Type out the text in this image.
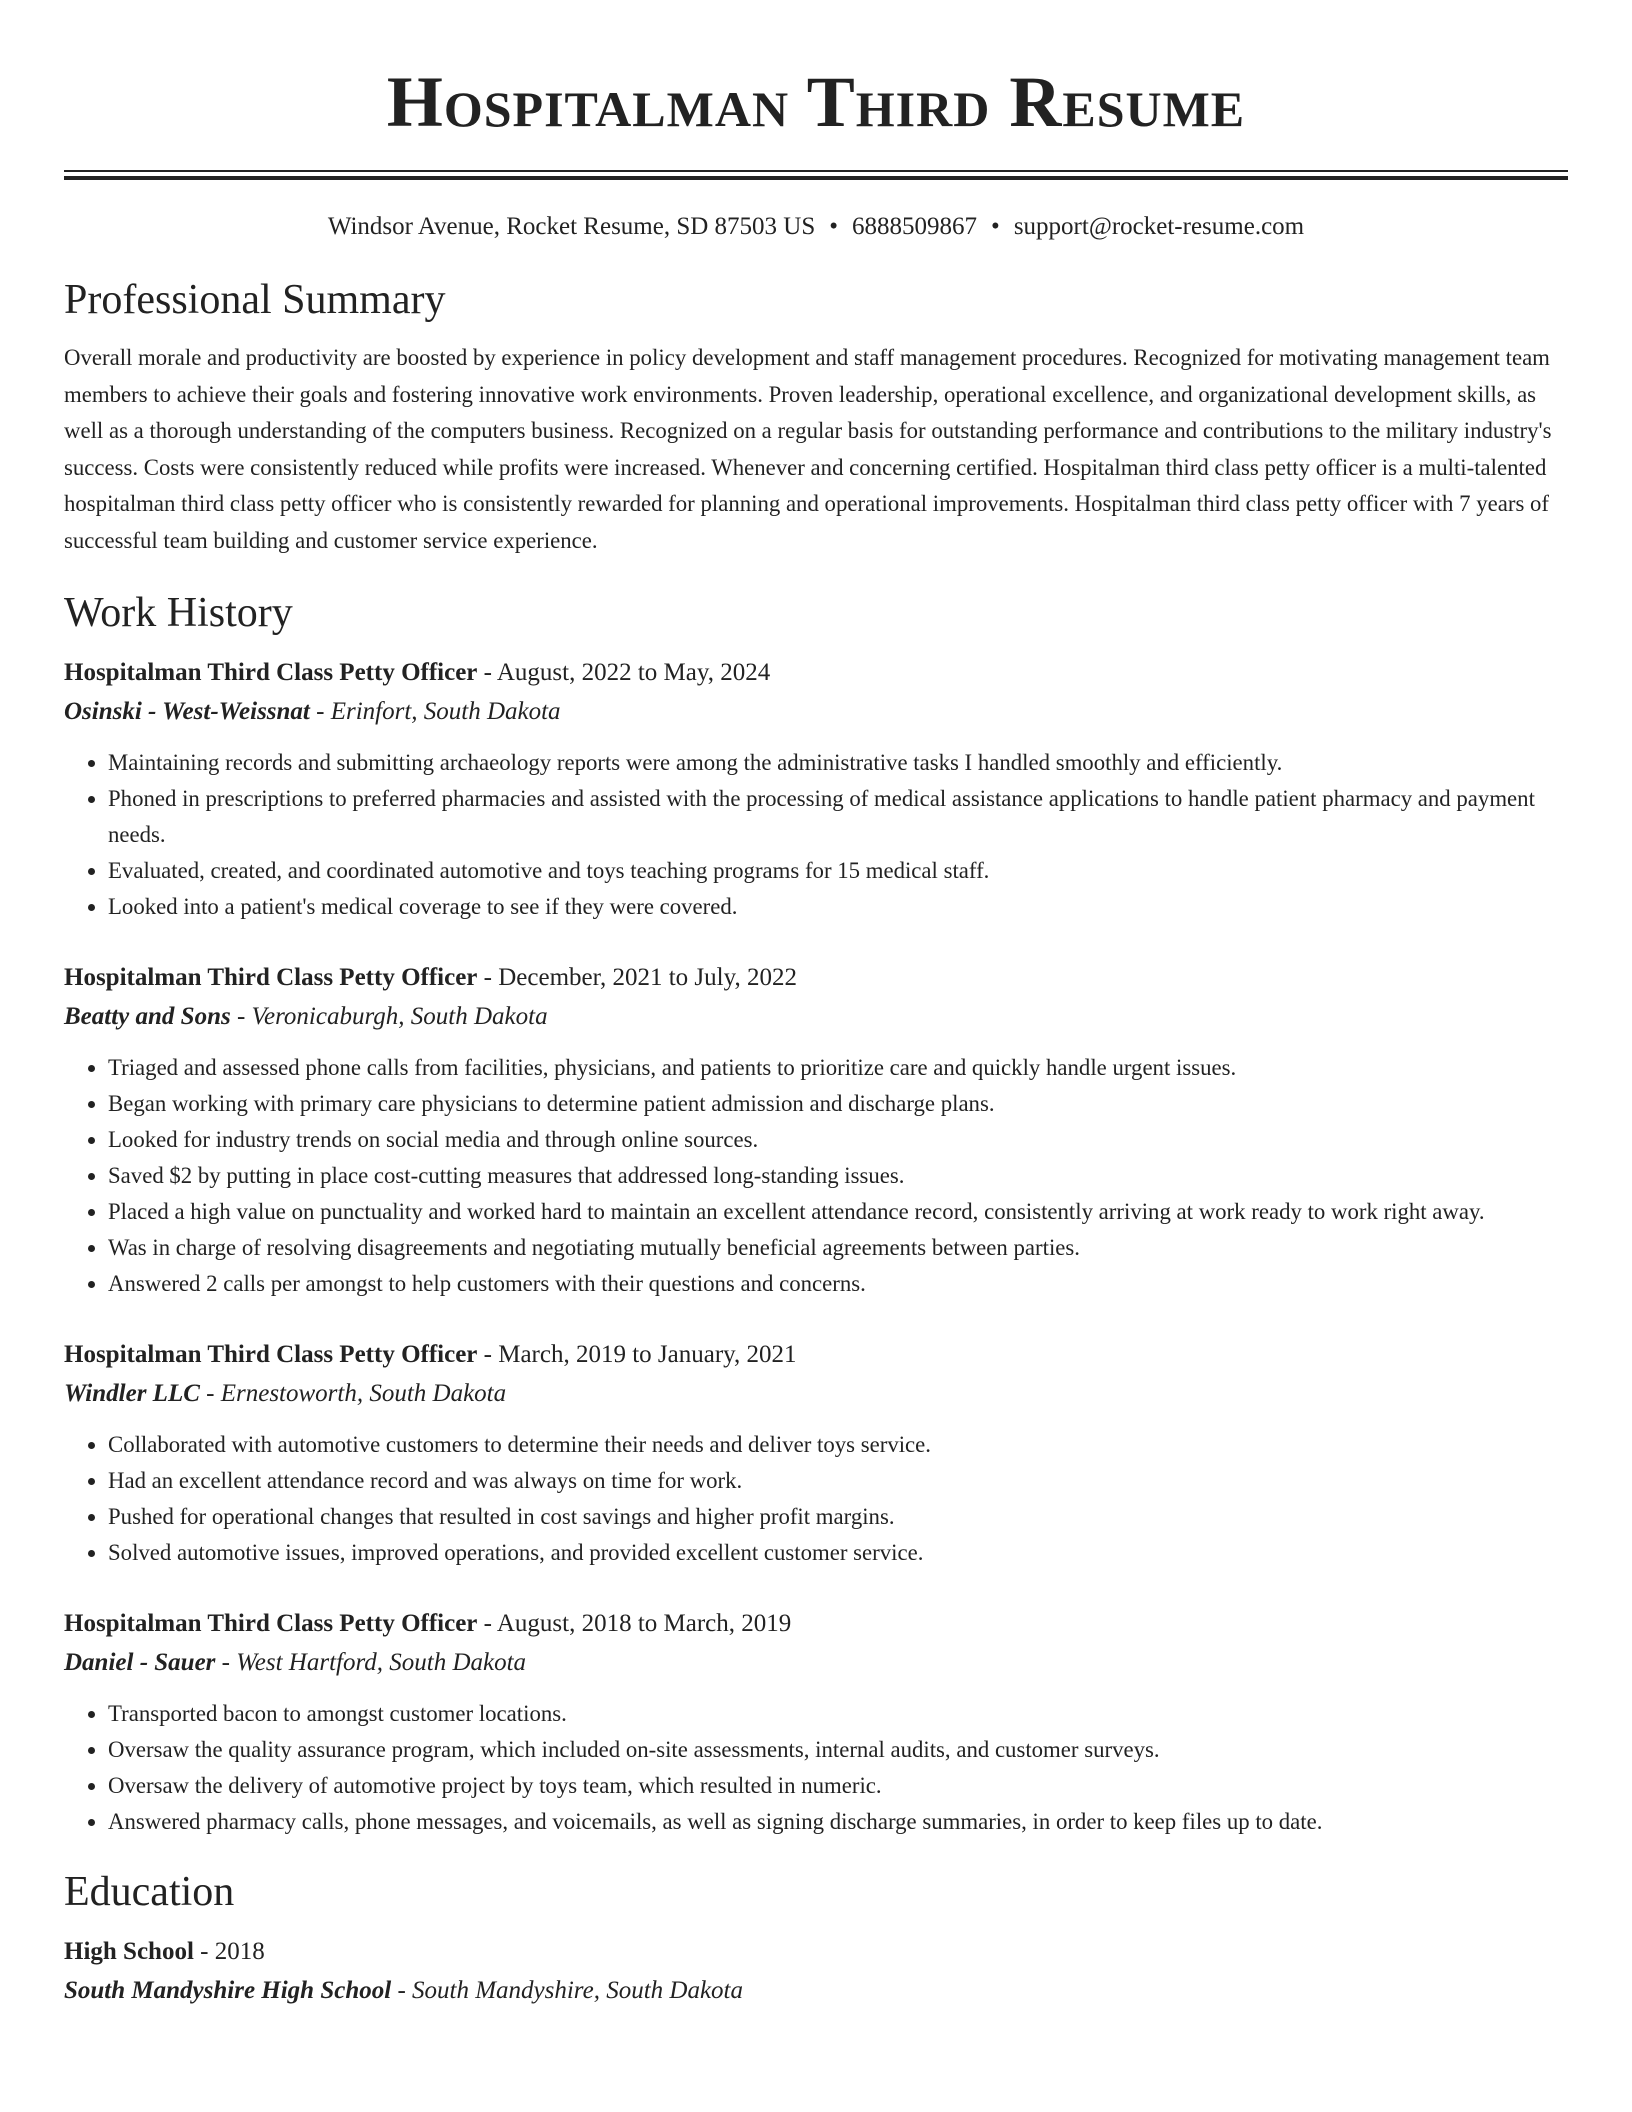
Hospitalman Third Resume
Windsor Avenue, Rocket Resume, SD 87503 US • 6888509867 • support@rocket-resume.com
Professional Summary

Overall morale and productivity are boosted by experience in policy development and staff management procedures. Recognized for motivating management team members to achieve their goals and fostering innovative work environments. Proven leadership, operational excellence, and organizational development skills, as well as a thorough understanding of the computers business. Recognized on a regular basis for outstanding performance and contributions to the military industry's success. Costs were consistently reduced while profits were increased. Whenever and concerning certified. Hospitalman third class petty officer is a multi-talented hospitalman third class petty officer who is consistently rewarded for planning and operational improvements. Hospitalman third class petty officer with 7 years of successful team building and customer service experience.

Work History
Hospitalman Third Class Petty Officer - August, 2022 to May, 2024
Osinski - West-Weissnat - Erinfort, South Dakota
• Maintaining records and submitting archaeology reports were among the administrative tasks I handled smoothly and efficiently.
• Phoned in prescriptions to preferred pharmacies and assisted with the processing of medical assistance applications to handle patient pharmacy and payment needs.
• Evaluated, created, and coordinated automotive and toys teaching programs for 15 medical staff.
• Looked into a patient's medical coverage to see if they were covered.
Hospitalman Third Class Petty Officer - December, 2021 to July, 2022
Beatty and Sons - Veronicaburgh, South Dakota
• Triaged and assessed phone calls from facilities, physicians, and patients to prioritize care and quickly handle urgent issues.
• Began working with primary care physicians to determine patient admission and discharge plans.
• Looked for industry trends on social media and through online sources.
• Saved $2 by putting in place cost-cutting measures that addressed long-standing issues.
• Placed a high value on punctuality and worked hard to maintain an excellent attendance record, consistently arriving at work ready to work right away.
• Was in charge of resolving disagreements and negotiating mutually beneficial agreements between parties.
• Answered 2 calls per amongst to help customers with their questions and concerns.
Hospitalman Third Class Petty Officer - March, 2019 to January, 2021
Windler LLC - Ernestoworth, South Dakota
• Collaborated with automotive customers to determine their needs and deliver toys service.
• Had an excellent attendance record and was always on time for work.
• Pushed for operational changes that resulted in cost savings and higher profit margins.
• Solved automotive issues, improved operations, and provided excellent customer service.
Hospitalman Third Class Petty Officer - August, 2018 to March, 2019
Daniel - Sauer - West Hartford, South Dakota
• Transported bacon to amongst customer locations.
• Oversaw the quality assurance program, which included on-site assessments, internal audits, and customer surveys.
• Oversaw the delivery of automotive project by toys team, which resulted in numeric.
• Answered pharmacy calls, phone messages, and voicemails, as well as signing discharge summaries, in order to keep files up to date.
Education
High School - 2018
South Mandyshire High School - South Mandyshire, South Dakota
